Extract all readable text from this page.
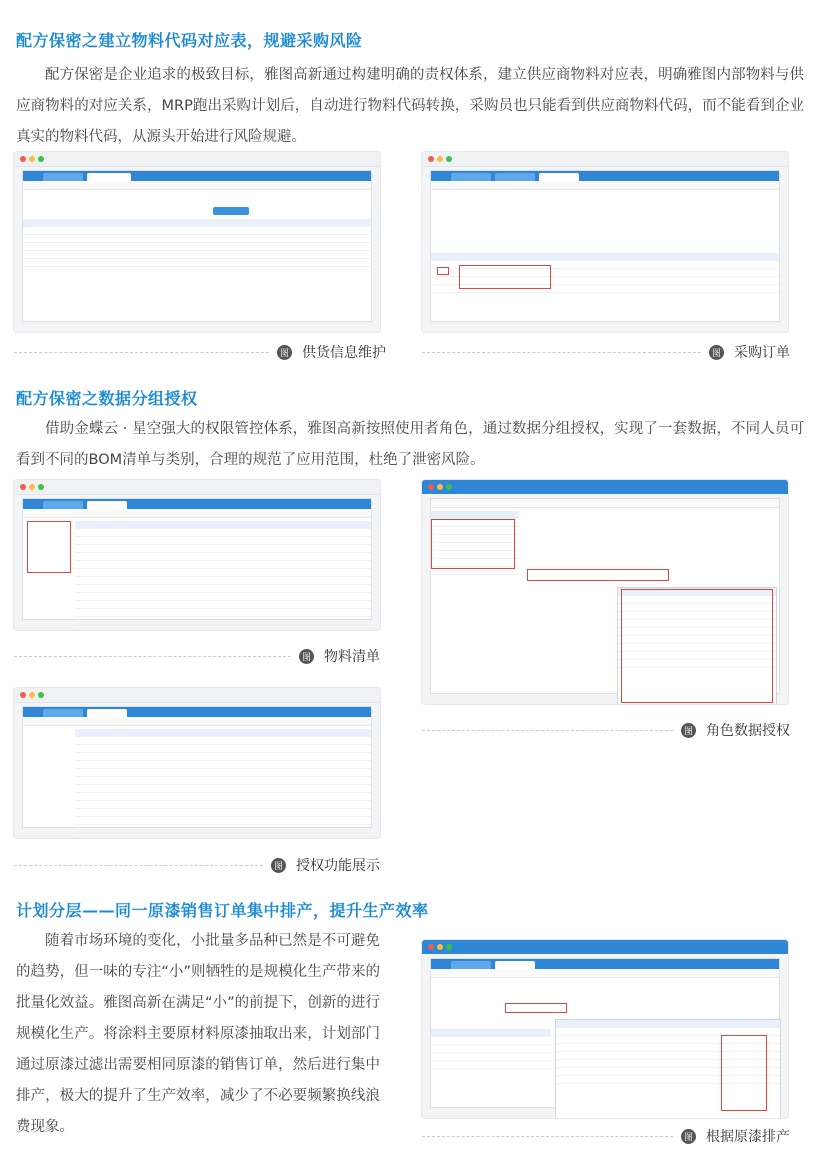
配方保密之建立物料代码对应表，规避采购风险

配方保密是企业追求的极致目标，雅图高新通过构建明确的责权体系，建立供应商物料对应表，明确雅图内部物料与供应商物料的对应关系，MRP跑出采购计划后，自动进行物料代码转换，采购员也只能看到供应商物料代码，而不能看到企业真实的物料代码，从源头开始进行风险规避。

图 供货信息维护	图 采购订单
配方保密之数据分组授权

借助金蝶云 · 星空强大的权限管控体系，雅图高新按照使用者角色，通过数据分组授权，实现了一套数据，不同人员可看到不同的BOM清单与类别，合理的规范了应用范围，杜绝了泄密风险。

图 物料清单
图 角色数据授权
图 授权功能展示
计划分层——同一原漆销售订单集中排产，提升生产效率

随着市场环境的变化，小批量多品种已然是不可避免的趋势，但一味的专注“小”则牺牲的是规模化生产带来的批量化效益。雅图高新在满足“小”的前提下，创新的进行规模化生产。将涂料主要原材料原漆抽取出来，计划部门通过原漆过滤出需要相同原漆的销售订单，然后进行集中排产，极大的提升了生产效率，减少了不必要频繁换线浪费现象。

图 根据原漆排产
